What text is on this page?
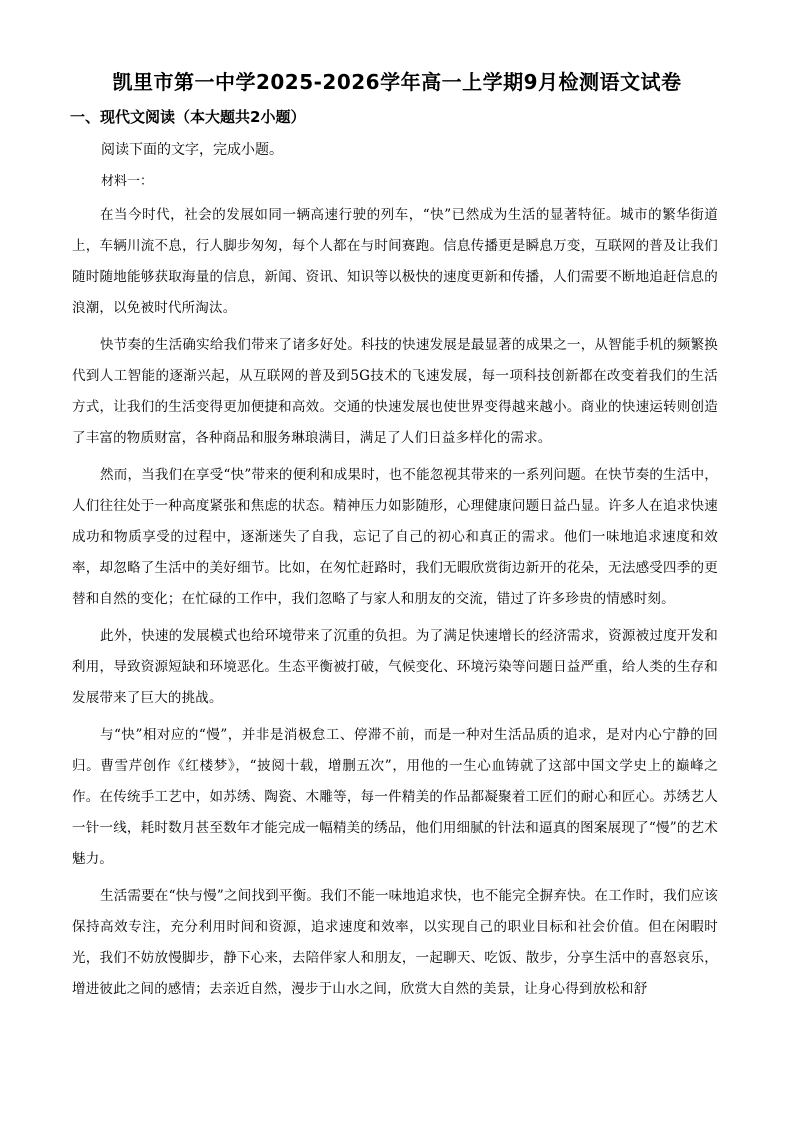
凯里市第一中学2025-2026学年高一上学期9月检测语文试卷
一、现代文阅读（本大题共2小题）
阅读下面的文字，完成小题。
材料一：

在当今时代，社会的发展如同一辆高速行驶的列车，“快”已然成为生活的显著特征。城市的繁华街道上，车辆川流不息，行人脚步匆匆，每个人都在与时间赛跑。信息传播更是瞬息万变，互联网的普及让我们随时随地能够获取海量的信息，新闻、资讯、知识等以极快的速度更新和传播，人们需要不断地追赶信息的浪潮，以免被时代所淘汰。

快节奏的生活确实给我们带来了诸多好处。科技的快速发展是最显著的成果之一，从智能手机的频繁换代到人工智能的逐渐兴起，从互联网的普及到5G技术的飞速发展，每一项科技创新都在改变着我们的生活方式，让我们的生活变得更加便捷和高效。交通的快速发展也使世界变得越来越小。商业的快速运转则创造了丰富的物质财富，各种商品和服务琳琅满目，满足了人们日益多样化的需求。

然而，当我们在享受“快”带来的便利和成果时，也不能忽视其带来的一系列问题。在快节奏的生活中，人们往往处于一种高度紧张和焦虑的状态。精神压力如影随形，心理健康问题日益凸显。许多人在追求快速成功和物质享受的过程中，逐渐迷失了自我，忘记了自己的初心和真正的需求。他们一味地追求速度和效率，却忽略了生活中的美好细节。比如，在匆忙赶路时，我们无暇欣赏街边新开的花朵，无法感受四季的更替和自然的变化；在忙碌的工作中，我们忽略了与家人和朋友的交流，错过了许多珍贵的情感时刻。

此外，快速的发展模式也给环境带来了沉重的负担。为了满足快速增长的经济需求，资源被过度开发和利用，导致资源短缺和环境恶化。生态平衡被打破，气候变化、环境污染等问题日益严重，给人类的生存和发展带来了巨大的挑战。

与“快”相对应的“慢”，并非是消极怠工、停滞不前，而是一种对生活品质的追求，是对内心宁静的回归。曹雪芹创作《红楼梦》，“披阅十载，增删五次”，用他的一生心血铸就了这部中国文学史上的巅峰之作。在传统手工艺中，如苏绣、陶瓷、木雕等，每一件精美的作品都凝聚着工匠们的耐心和匠心。苏绣艺人一针一线，耗时数月甚至数年才能完成一幅精美的绣品，他们用细腻的针法和逼真的图案展现了“慢”的艺术魅力。

生活需要在“快与慢”之间找到平衡。我们不能一味地追求快，也不能完全摒弃快。在工作时，我们应该保持高效专注，充分利用时间和资源，追求速度和效率，以实现自己的职业目标和社会价值。但在闲暇时光，我们不妨放慢脚步，静下心来，去陪伴家人和朋友，一起聊天、吃饭、散步，分享生活中的喜怒哀乐，增进彼此之间的感情；去亲近自然，漫步于山水之间，欣赏大自然的美景，让身心得到放松和舒
